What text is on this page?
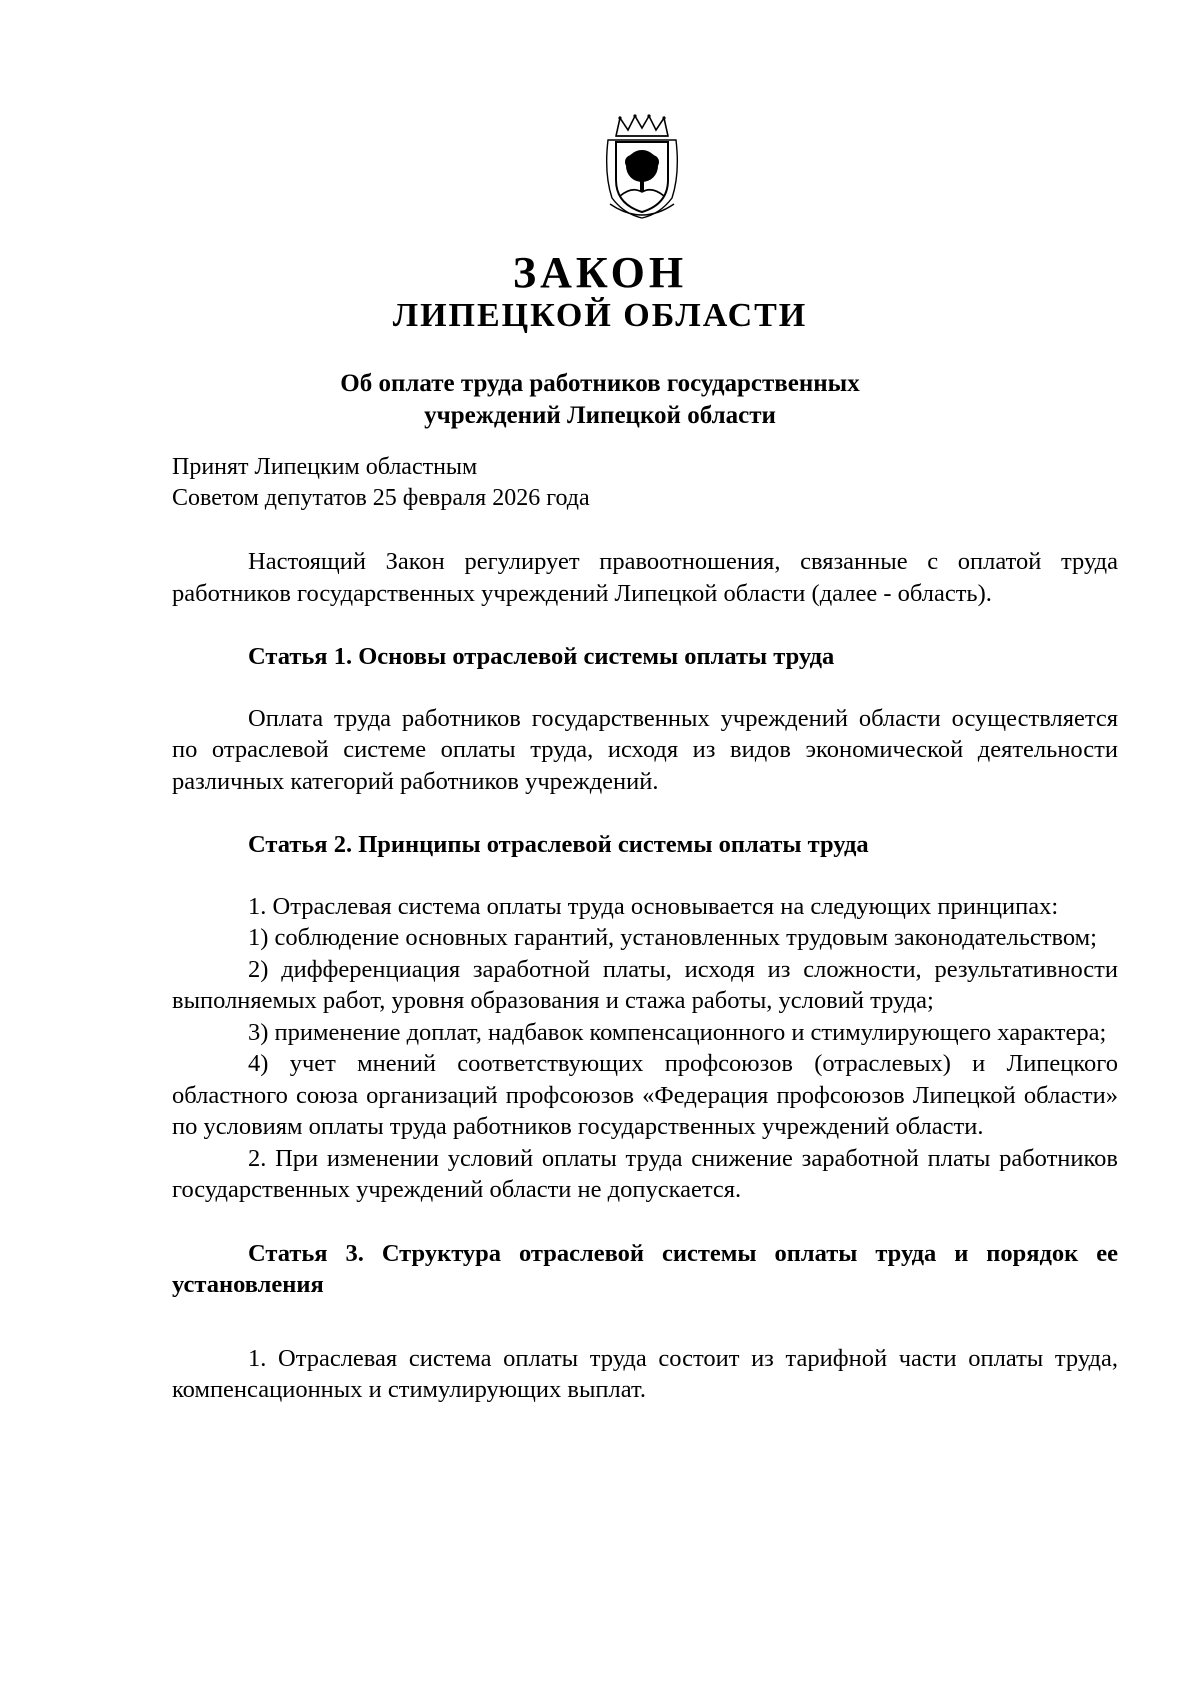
ЗАКОН
ЛИПЕЦКОЙ ОБЛАСТИ
Об оплате труда работников государственных
учреждений Липецкой области
Принят Липецким областным
Советом депутатов 25 февраля 2026 года

Настоящий Закон регулирует правоотношения, связанные с оплатой труда работников государственных учреждений Липецкой области (далее - область).

Статья 1. Основы отраслевой системы оплаты труда

Оплата труда работников государственных учреждений области осуществляется по отраслевой системе оплаты труда, исходя из видов экономической деятельности различных категорий работников учреждений.

Статья 2. Принципы отраслевой системы оплаты труда

1. Отраслевая система оплаты труда основывается на следующих принципах:

1) соблюдение основных гарантий, установленных трудовым законодательством;

2) дифференциация заработной платы, исходя из сложности, результативности выполняемых работ, уровня образования и стажа работы, условий труда;

3) применение доплат, надбавок компенсационного и стимулирующего характера;

4) учет мнений соответствующих профсоюзов (отраслевых) и Липецкого областного союза организаций профсоюзов «Федерация профсоюзов Липецкой области» по условиям оплаты труда работников государственных учреждений области.

2. При изменении условий оплаты труда снижение заработной платы работников государственных учреждений области не допускается.

Статья 3. Структура отраслевой системы оплаты труда и порядок ее установления

1. Отраслевая система оплаты труда состоит из тарифной части оплаты труда, компенсационных и стимулирующих выплат.
